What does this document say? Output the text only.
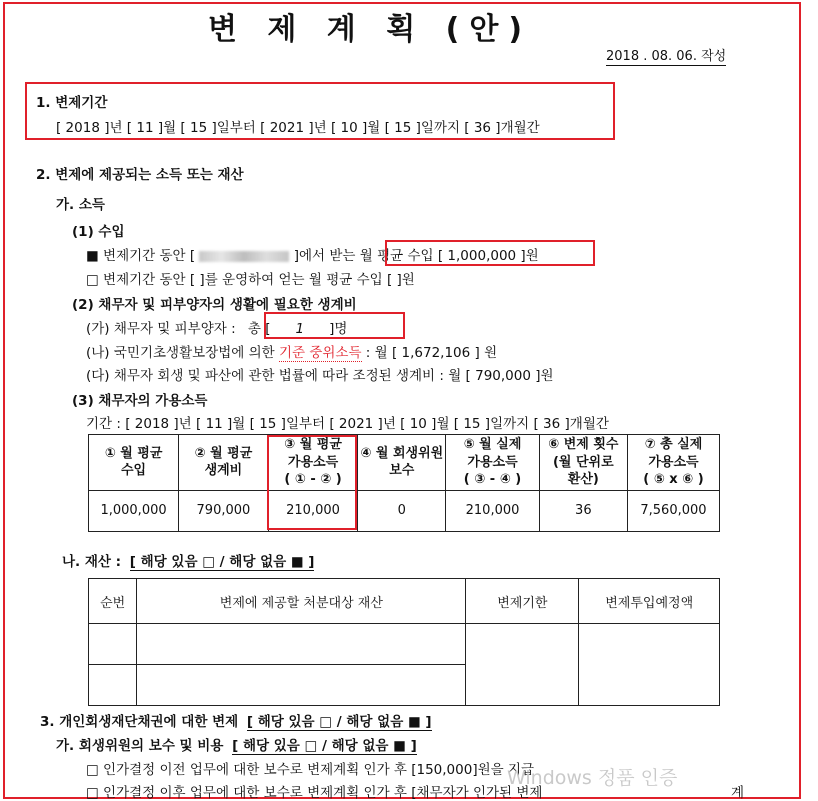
변 제 계 획 (안)
2018 . 08. 06. 작성
1. 변제기간
[ 2018 ]년 [ 11 ]월 [ 15 ]일부터 [ 2021 ]년 [ 10 ]월 [ 15 ]일까지 [ 36 ]개월간
2. 변제에 제공되는 소득 또는 재산
가. 소득
(1) 수입
■ 변제기간 동안 [	]에서 받는 월 평균 수입 [ 1,000,000 ]원
□ 변제기간 동안 [ ]를 운영하여 얻는 월 평균 수입 [ ]원
(2) 채무자 및 피부양자의 생활에 필요한 생계비
(가) 채무자 및 피부양자 : 총 [ 1 ]명
(나) 국민기초생활보장법에 의한 기준 중위소득 : 월 [ 1,672,106 ] 원
(다) 채무자 회생 및 파산에 관한 법률에 따라 조정된 생계비 : 월 [ 790,000 ]원
(3) 채무자의 가용소득
기간 : [ 2018 ]년 [ 11 ]월 [ 15 ]일부터 [ 2021 ]년 [ 10 ]월 [ 15 ]일까지 [ 36 ]개월간
① 월 평균
수입	② 월 평균
생계비	③ 월 평균
가용소득
( ① - ② )	④ 월 회생위원
보수	⑤ 월 실제
가용소득
( ③ - ④ )	⑥ 변제 횟수
(월 단위로
환산)	⑦ 총 실제
가용소득
( ⑤ x ⑥ )
1,000,000	790,000	210,000	0	210,000	36	7,560,000
나. 재산 : [ 해당 있음 □ / 해당 없음 ■ ]
순번	변제에 제공할 처분대상 재산	변제기한	변제투입예정액

3. 개인회생재단채권에 대한 변제 [ 해당 있음 □ / 해당 없음 ■ ]
가. 회생위원의 보수 및 비용 [ 해당 있음 □ / 해당 없음 ■ ]
□ 인가결정 이전 업무에 대한 보수로 변제계획 인가 후 [150,000]원을 지급
□ 인가결정 이후 업무에 대한 보수로 변제계획 인가 후 [채무자가 인가된 변제	계
Windows 정품 인증
